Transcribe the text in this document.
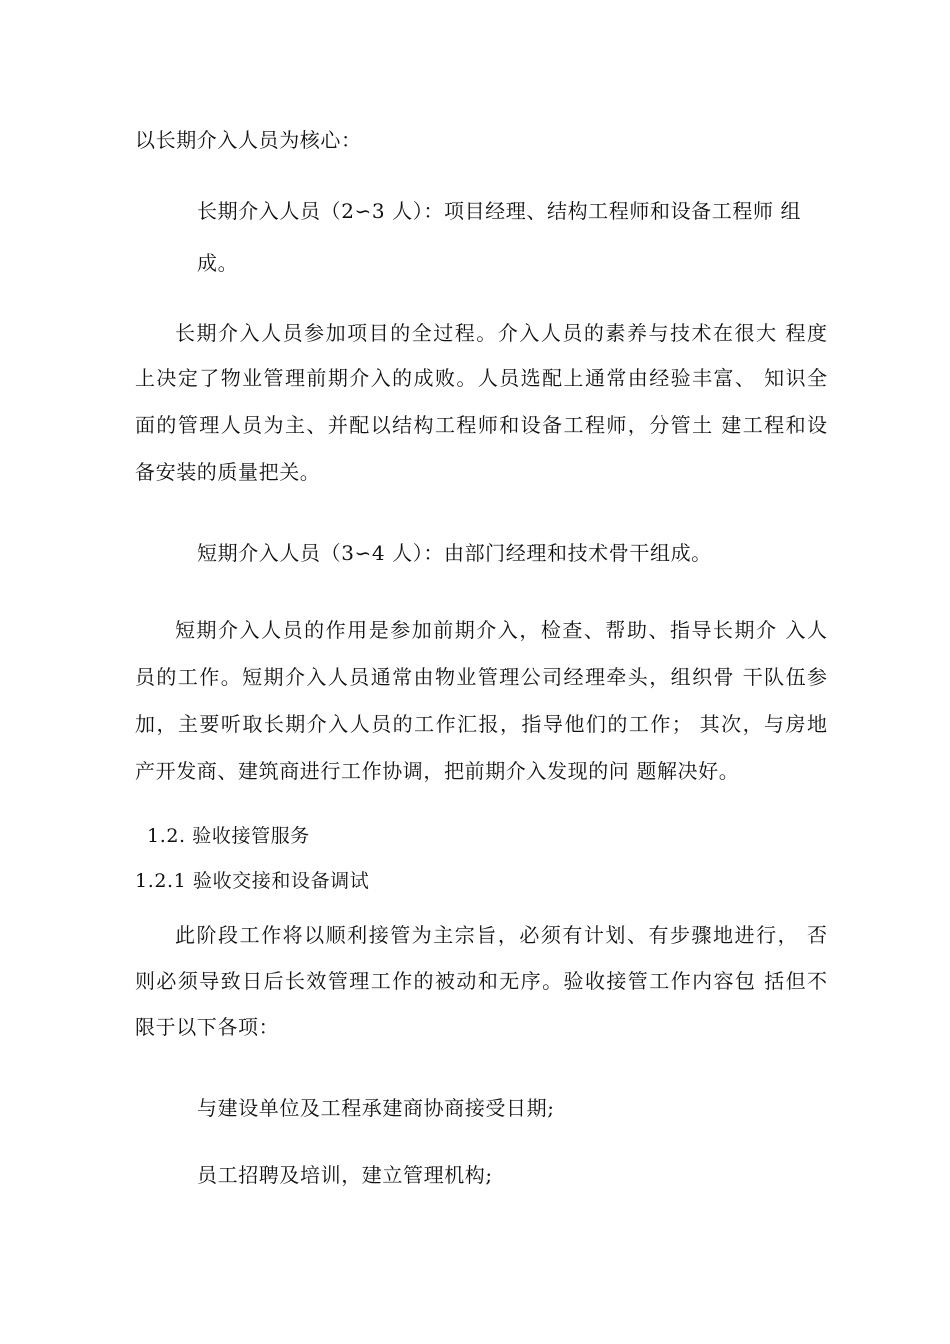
以长期介入人员为核心：
长期介入人员（2∽3 人）：项目经理、结构工程师和设备工程师 组
成。
长期介入人员参加项目的全过程。介入人员的素养与技术在很大 程度
上决定了物业管理前期介入的成败。人员选配上通常由经验丰富、 知识全
面的管理人员为主、并配以结构工程师和设备工程师，分管土 建工程和设
备安装的质量把关。
短期介入人员（3∽4 人）：由部门经理和技术骨干组成。
短期介入人员的作用是参加前期介入，检查、帮助、指导长期介 入人
员的工作。短期介入人员通常由物业管理公司经理牵头，组织骨 干队伍参
加，主要听取长期介入人员的工作汇报，指导他们的工作； 其次，与房地
产开发商、建筑商进行工作协调，把前期介入发现的问 题解决好。
1.2. 验收接管服务
1.2.1 验收交接和设备调试
此阶段工作将以顺利接管为主宗旨，必须有计划、有步骤地进行， 否
则必须导致日后长效管理工作的被动和无序。验收接管工作内容包 括但不
限于以下各项：
与建设单位及工程承建商协商接受日期;
员工招聘及培训，建立管理机构;
